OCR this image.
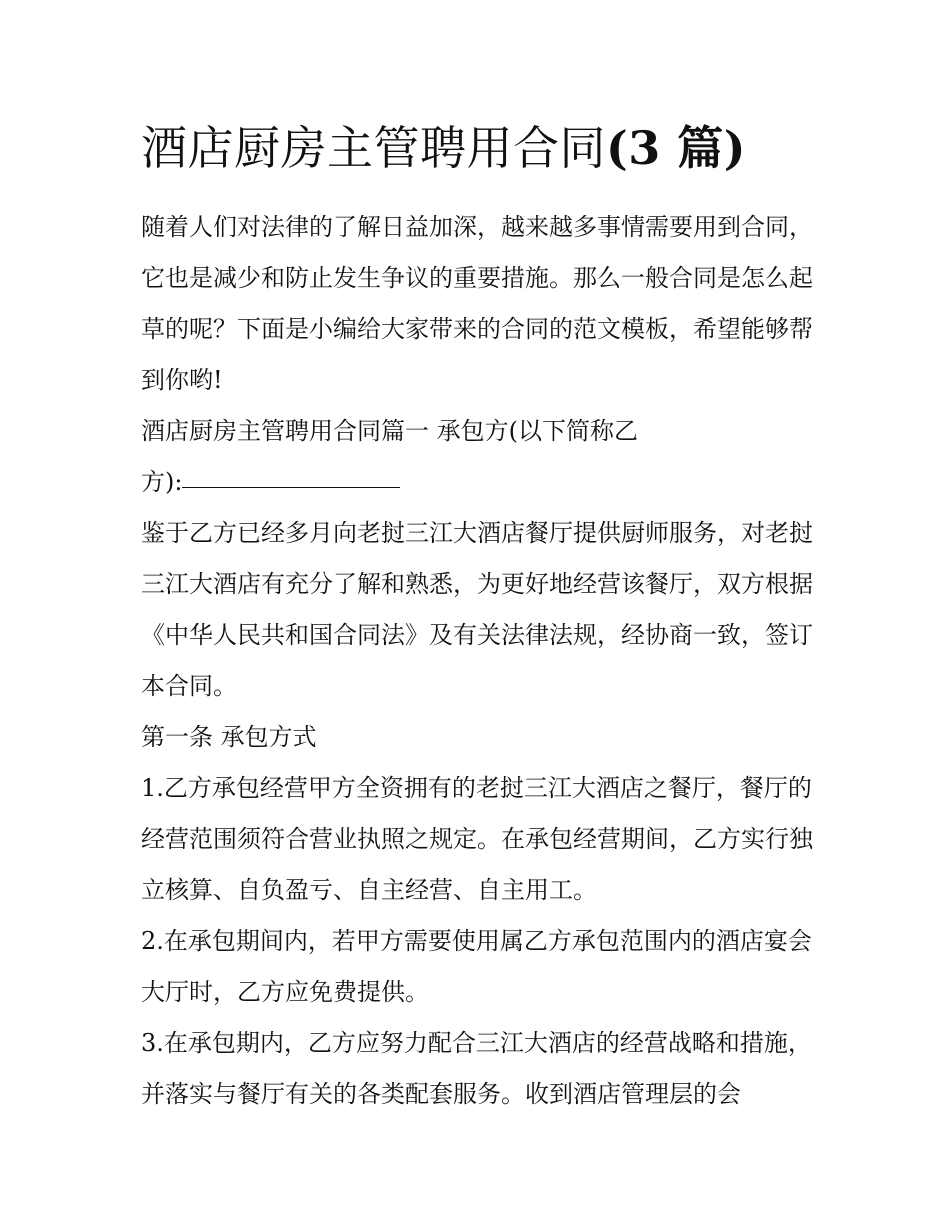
酒店厨房主管聘用合同(3 篇)

随着人们对法律的了解日益加深，越来越多事情需要用到合同，它也是减少和防止发生争议的重要措施。那么一般合同是怎么起草的呢？下面是小编给大家带来的合同的范文模板，希望能够帮到你哟!

酒店厨房主管聘用合同篇一 承包方(以下简称乙

方):

鉴于乙方已经多月向老挝三江大酒店餐厅提供厨师服务，对老挝三江大酒店有充分了解和熟悉，为更好地经营该餐厅，双方根据《中华人民共和国合同法》及有关法律法规，经协商一致，签订本合同。

第一条 承包方式

1.乙方承包经营甲方全资拥有的老挝三江大酒店之餐厅，餐厅的经营范围须符合营业执照之规定。在承包经营期间，乙方实行独立核算、自负盈亏、自主经营、自主用工。

2.在承包期间内，若甲方需要使用属乙方承包范围内的酒店宴会大厅时，乙方应免费提供。

3.在承包期内，乙方应努力配合三江大酒店的经营战略和措施，并落实与餐厅有关的各类配套服务。收到酒店管理层的会
